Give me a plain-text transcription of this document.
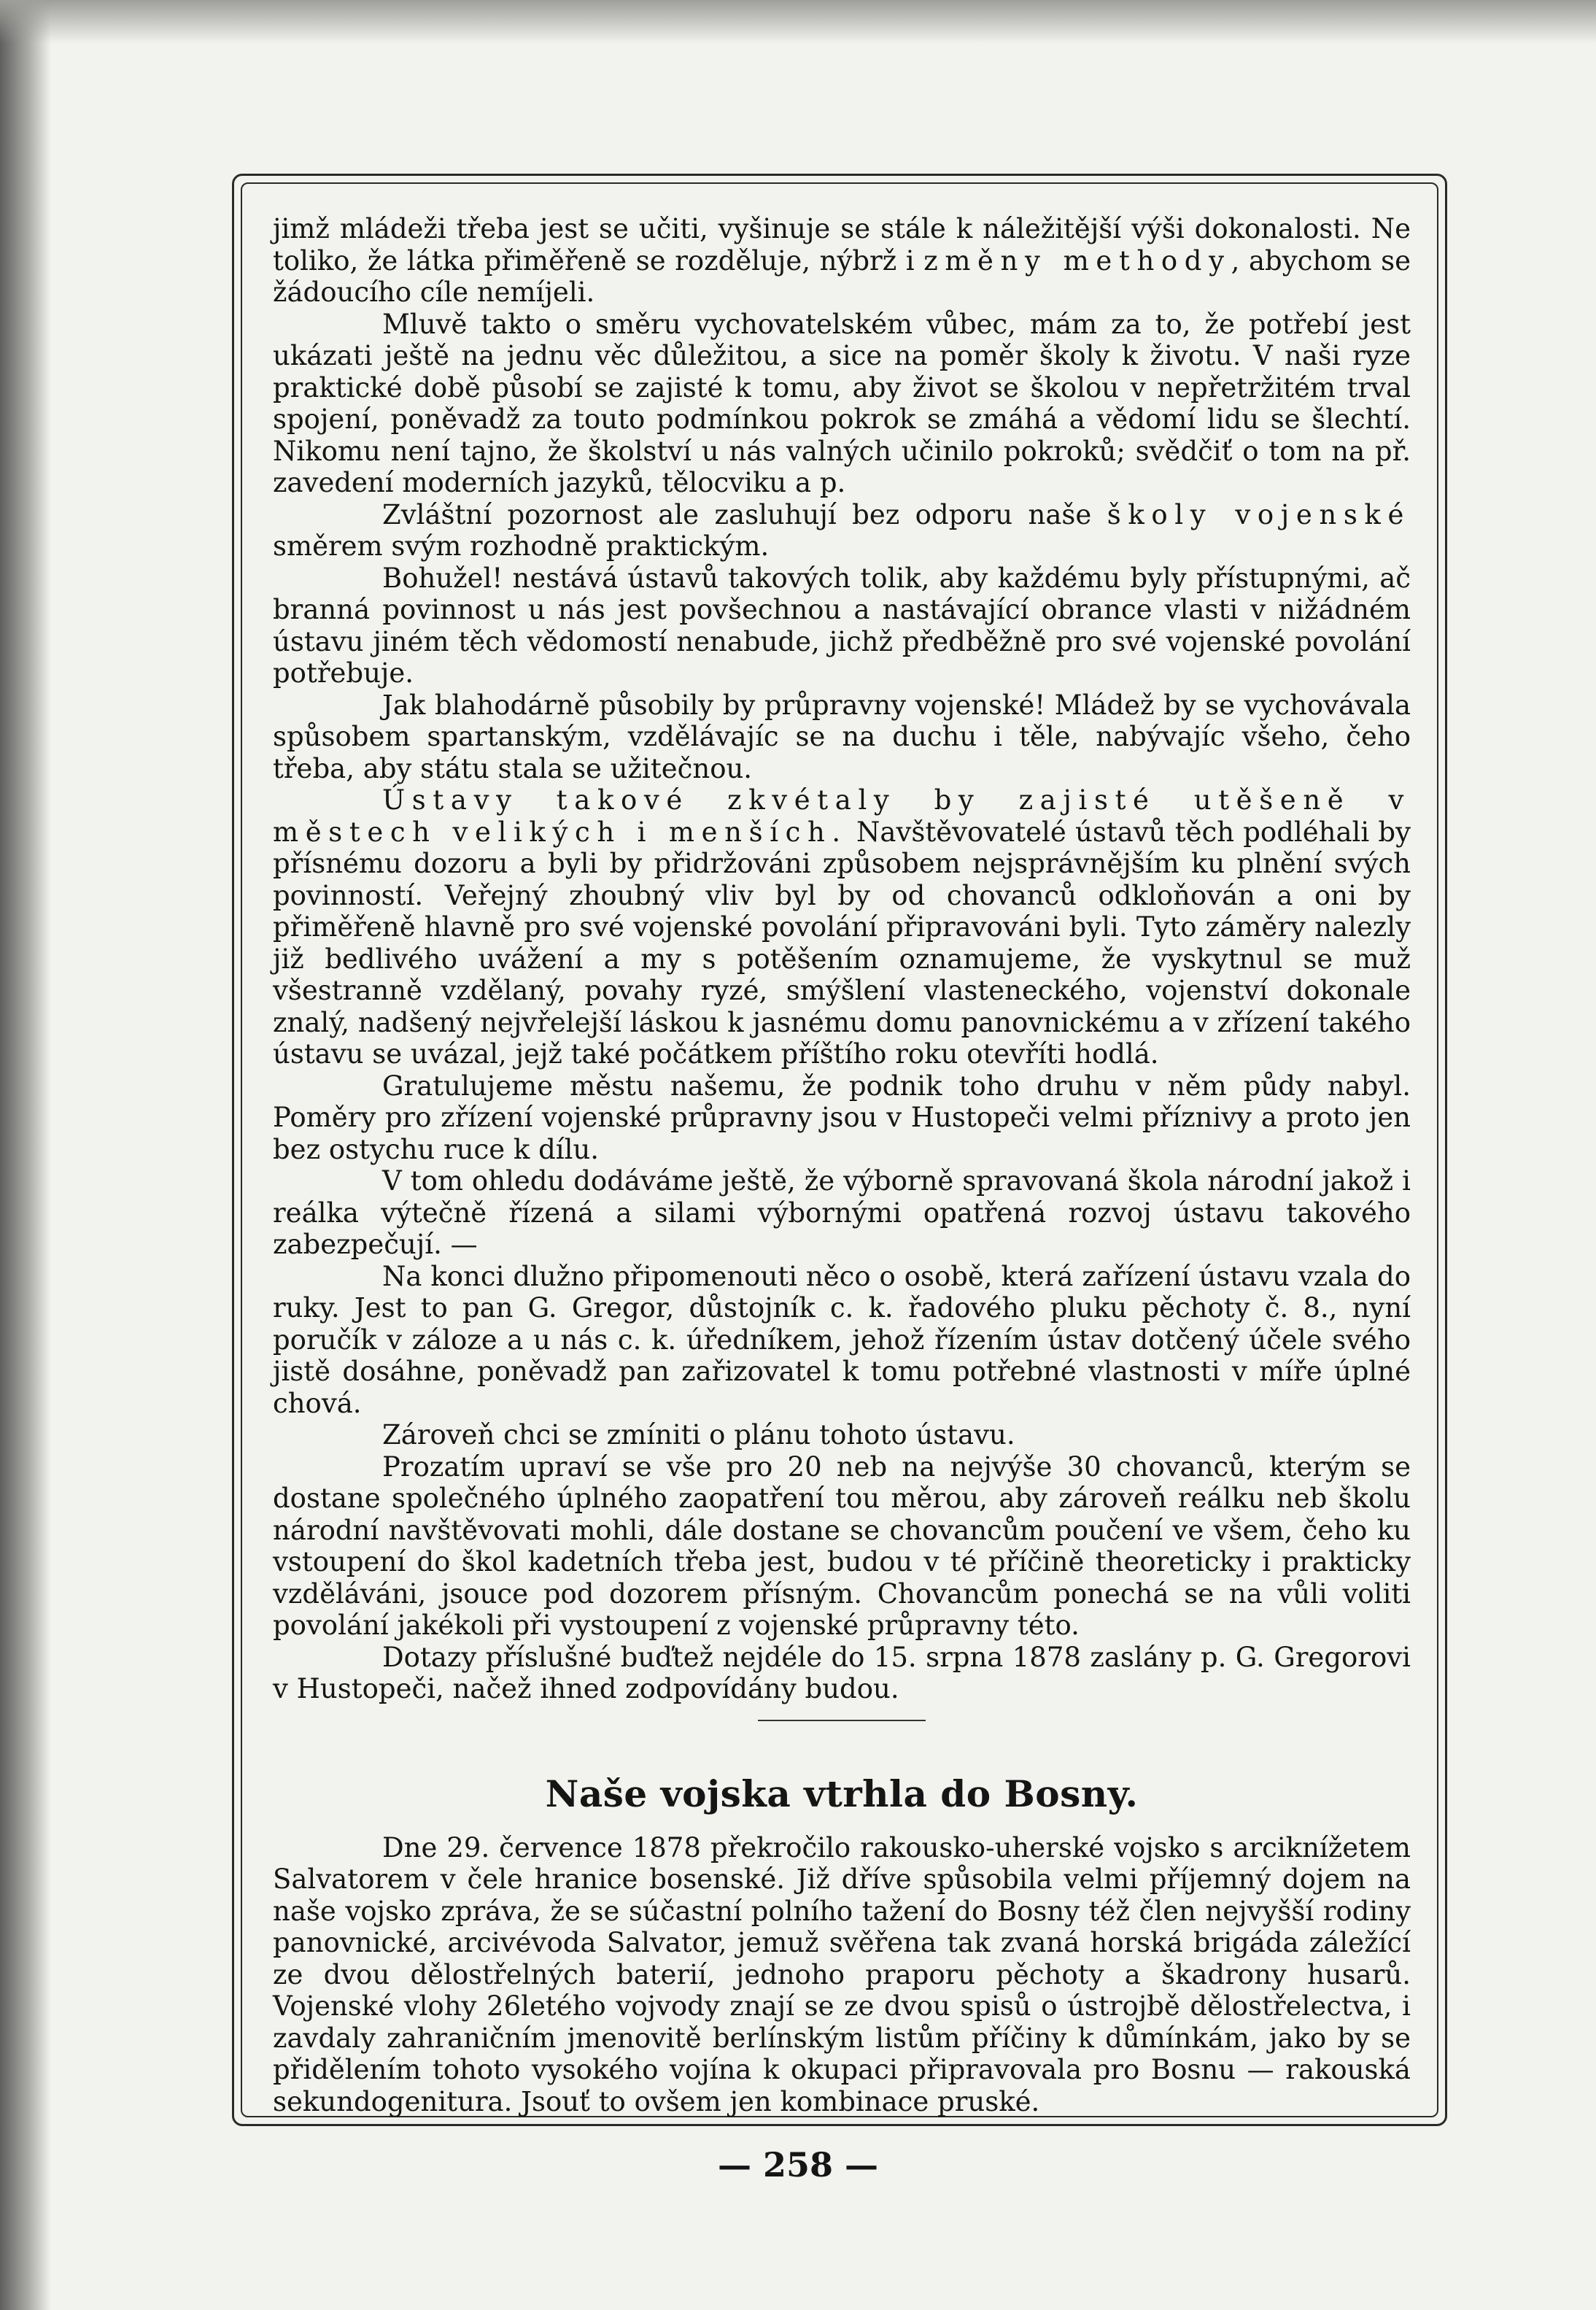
jimž mládeži třeba jest se učiti, vyšinuje se stále k náležitější výši dokonalosti. Ne toliko, že látka přiměřeně se rozděluje, nýbrž i změny methody, abychom se žádoucího cíle nemíjeli.

Mluvě takto o směru vychovatelském vůbec, mám za to, že potřebí jest ukázati ještě na jednu věc důležitou, a sice na poměr školy k životu. V naši ryze praktické době působí se zajisté k tomu, aby život se školou v nepřetržitém trval spojení, poněvadž za touto podmínkou pokrok se zmáhá a vědomí lidu se šlechtí. Nikomu není tajno, že školství u nás valných učinilo pokroků; svědčiť o tom na př. zavedení moderních jazyků, tělocviku a p.

Zvláštní pozornost ale zasluhují bez odporu naše školy vojenské směrem svým rozhodně praktickým.

Bohužel! nestává ústavů takových tolik, aby každému byly přístupnými, ač branná povinnost u nás jest povšechnou a nastávající obrance vlasti v nižádném ústavu jiném těch vědomostí nenabude, jichž předběžně pro své vojenské povolání potřebuje.

Jak blahodárně působily by průpravny vojenské! Mládež by se vychovávala spůsobem spartanským, vzdělávajíc se na duchu i těle, nabývajíc všeho, čeho třeba, aby státu stala se užitečnou.

Ústavy takové zkvétaly by zajisté utěšeně v městech velikých i menších. Navštěvovatelé ústavů těch podléhali by přísnému dozoru a byli by přidržováni způsobem nejsprávnějším ku plnění svých povinností. Veřejný zhoubný vliv byl by od chovanců odkloňován a oni by přiměřeně hlavně pro své vojenské povolání připravováni byli. Tyto záměry nalezly již bedlivého uvážení a my s potěšením oznamujeme, že vyskytnul se muž všestranně vzdělaný, povahy ryzé, smýšlení vlasteneckého, vojenství dokonale znalý, nadšený nejvřelejší láskou k jasnému domu panovnickému a v zřízení takého ústavu se uvázal, jejž také počátkem příštího roku otevříti hodlá.

Gratulujeme městu našemu, že podnik toho druhu v něm půdy nabyl. Poměry pro zřízení vojenské průpravny jsou v Hustopeči velmi příznivy a proto jen bez ostychu ruce k dílu.

V tom ohledu dodáváme ještě, že výborně spravovaná škola národní jakož i reálka výtečně řízená a silami výbornými opatřená rozvoj ústavu takového zabezpečují. —

Na konci dlužno připomenouti něco o osobě, která zařízení ústavu vzala do ruky. Jest to pan G. Gregor, důstojník c. k. řadového pluku pěchoty č. 8., nyní poručík v záloze a u nás c. k. úředníkem, jehož řízením ústav dotčený účele svého jistě dosáhne, poněvadž pan zařizovatel k tomu potřebné vlastnosti v míře úplné chová.

Zároveň chci se zmíniti o plánu tohoto ústavu.

Prozatím upraví se vše pro 20 neb na nejvýše 30 chovanců, kterým se dostane společného úplného zaopatření tou měrou, aby zároveň reálku neb školu národní navštěvovati mohli, dále dostane se chovancům poučení ve všem, čeho ku vstoupení do škol kadetních třeba jest, budou v té příčině theoreticky i prakticky vzděláváni, jsouce pod dozorem přísným. Chovancům ponechá se na vůli voliti povolání jakékoli při vystoupení z vojenské průpravny této.

Dotazy příslušné buďtež nejdéle do 15. srpna 1878 zaslány p. G. Gregorovi v Hustopeči, načež ihned zodpovídány budou.

Naše vojska vtrhla do Bosny.

Dne 29. července 1878 překročilo rakousko-uherské vojsko s arciknížetem Salvatorem v čele hranice bosenské. Již dříve spůsobila velmi příjemný dojem na naše vojsko zpráva, že se súčastní polního tažení do Bosny též člen nejvyšší rodiny panovnické, arcivévoda Salvator, jemuž svěřena tak zvaná horská brigáda záležící ze dvou dělostřelných baterií, jednoho praporu pěchoty a škadrony husarů. Vojenské vlohy 26letého vojvody znají se ze dvou spisů o ústrojbě dělostřelectva, i zavdaly zahraničním jmenovitě berlínským listům příčiny k důmínkám, jako by se přidělením tohoto vysokého vojína k okupaci připravovala pro Bosnu — rakouská sekundogenitura. Jsouť to ovšem jen kombinace pruské.

— 258 —
